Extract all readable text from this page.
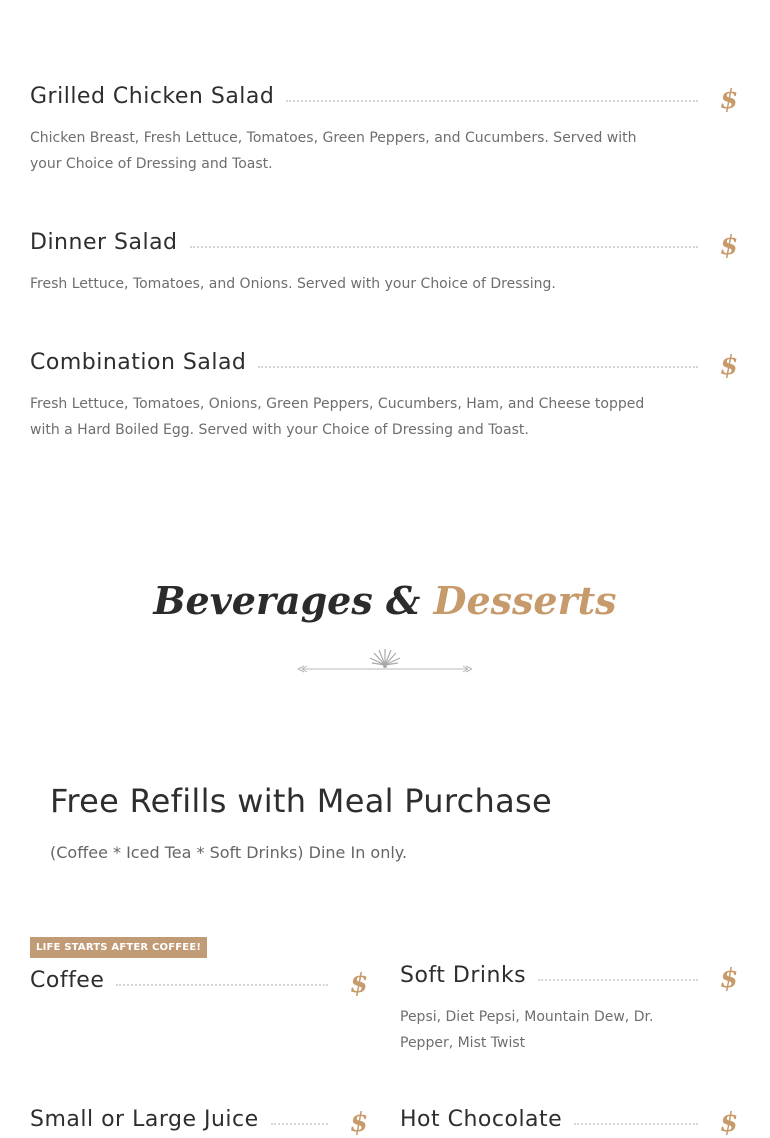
Grilled Chicken Salad	$
Chicken Breast, Fresh Lettuce, Tomatoes, Green Peppers, and Cucumbers. Served with your Choice of Dressing and Toast.
Dinner Salad	$
Fresh Lettuce, Tomatoes, and Onions. Served with your Choice of Dressing.
Combination Salad	$
Fresh Lettuce, Tomatoes, Onions, Green Peppers, Cucumbers, Ham, and Cheese topped with a Hard Boiled Egg. Served with your Choice of Dressing and Toast.
Beverages & Desserts
Free Refills with Meal Purchase
(Coffee * Iced Tea * Soft Drinks) Dine In only.
LIFE STARTS AFTER COFFEE!
Coffee	$ Soft Drinks	$
Pepsi, Diet Pepsi, Mountain Dew, Dr. Pepper, Mist Twist
Small or Large Juice	$ Hot Chocolate	$
